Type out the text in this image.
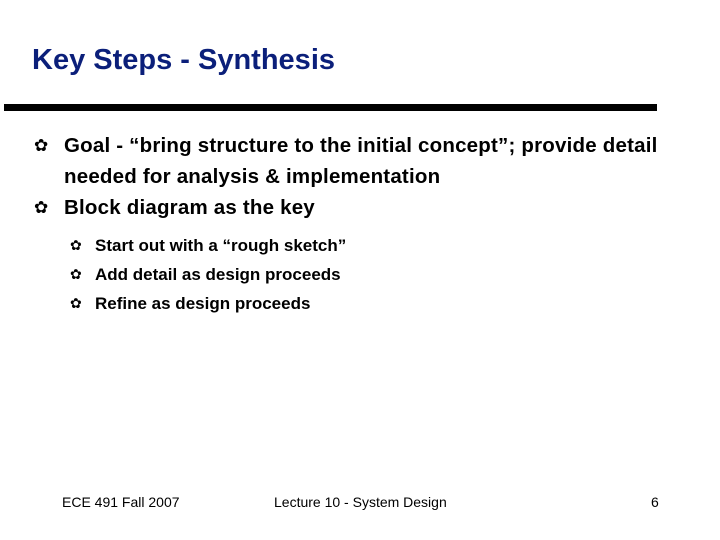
Key Steps - Synthesis
✿ Goal - “bring structure to the initial concept”; provide detail needed for analysis & implementation
✿ Block diagram as the key
✿ Start out with a “rough sketch”
✿ Add detail as design proceeds
✿ Refine as design proceeds
ECE 491 Fall 2007	Lecture 10 - System Design	6
